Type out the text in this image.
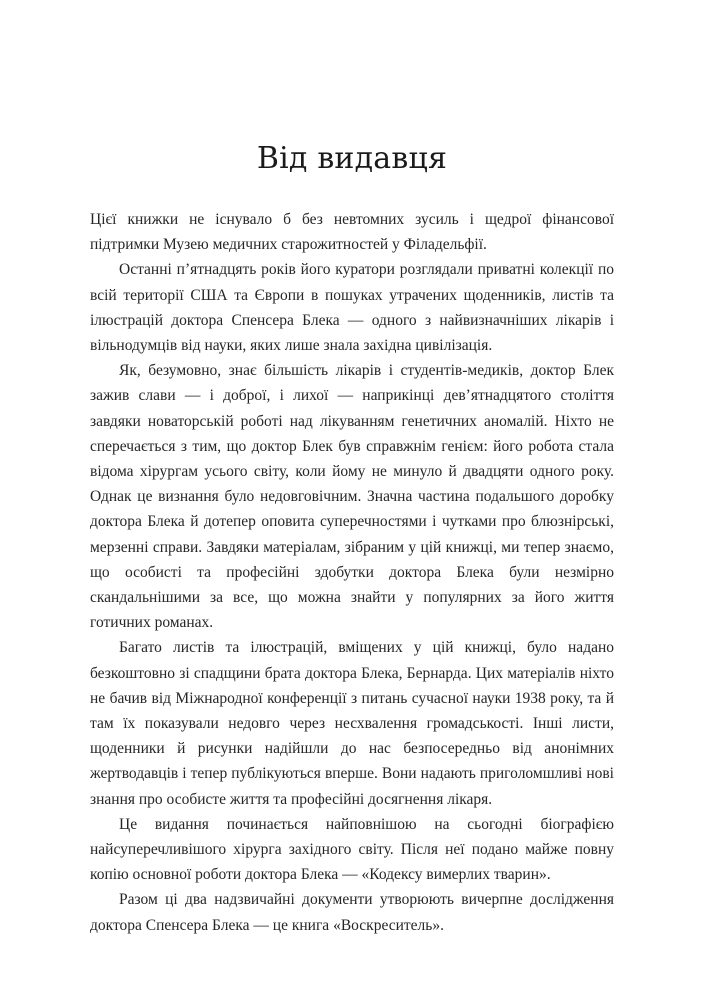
Від видавця

Цієї книжки не існувало б без невтомних зусиль і щедрої фінансової підтримки Музею медичних старожитностей у Філадельфії.

Останні п’ятнадцять років його куратори розглядали приватні колекції по всій території США та Європи в пошуках утрачених щоденників, листів та ілюстрацій доктора Спенсера Блека — одного з найвизначніших лікарів і вільнодумців від науки, яких лише знала західна цивілізація.

Як, безумовно, знає більшість лікарів і студентів-медиків, доктор Блек зажив слави — і доброї, і лихої — наприкінці дев’ятнадцятого століття завдяки новаторській роботі над лікуванням генетичних аномалій. Ніхто не сперечається з тим, що доктор Блек був справжнім генієм: його робота стала відома хірургам усього світу, коли йому не минуло й двадцяти одного року. Однак це визнання було недовговічним. Значна частина подальшого доробку доктора Блека й дотепер оповита суперечностями і чутками про блюзнірські, мерзенні справи. Завдяки матеріалам, зібраним у цій книжці, ми тепер знаємо, що особисті та професійні здобутки доктора Блека були незмірно скандальнішими за все, що можна знайти у популярних за його життя готичних романах.

Багато листів та ілюстрацій, вміщених у цій книжці, було надано безкоштовно зі спадщини брата доктора Блека, Бернарда. Цих матеріалів ніхто не бачив від Міжнародної конференції з питань сучасної науки 1938 року, та й там їх показували недовго через несхвалення громадськості. Інші листи, щоденники й рисунки надійшли до нас безпосередньо від анонімних жертводавців і тепер публікуються вперше. Вони надають приголомшливі нові знання про особисте життя та професійні досягнення лікаря.

Це видання починається найповнішою на сьогодні біографією найсуперечливішого хірурга західного світу. Після неї подано майже повну копію основної роботи доктора Блека — «Кодексу вимерлих тварин».

Разом ці два надзвичайні документи утворюють вичерпне дослідження доктора Спенсера Блека — це книга «Воскреситель».
